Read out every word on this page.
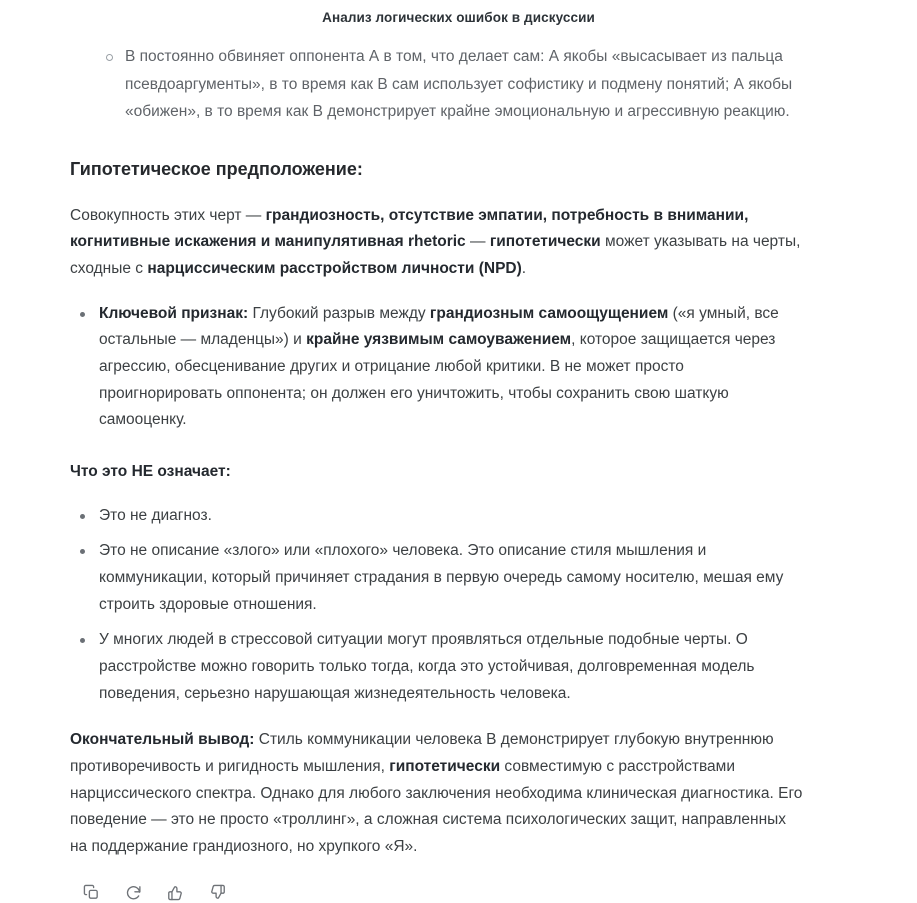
Анализ логических ошибок в дискуссии
В постоянно обвиняет оппонента А в том, что делает сам: А якобы «высасывает из пальца псевдоаргументы», в то время как В сам использует софистику и подмену понятий; А якобы «обижен», в то время как В демонстрирует крайне эмоциональную и агрессивную реакцию.
Гипотетическое предположение:

Совокупность этих черт — грандиозность, отсутствие эмпатии, потребность в внимании, когнитивные искажения и манипулятивная rhetoric — гипотетически может указывать на черты, сходные с нарциссическим расстройством личности (NPD).

Ключевой признак: Глубокий разрыв между грандиозным самоощущением («я умный, все остальные — младенцы») и крайне уязвимым самоуважением, которое защищается через агрессию, обесценивание других и отрицание любой критики. В не может просто проигнорировать оппонента; он должен его уничтожить, чтобы сохранить свою шаткую самооценку.
Что это НЕ означает:
Это не диагноз.
Это не описание «злого» или «плохого» человека. Это описание стиля мышления и коммуникации, который причиняет страдания в первую очередь самому носителю, мешая ему строить здоровые отношения.
У многих людей в стрессовой ситуации могут проявляться отдельные подобные черты. О расстройстве можно говорить только тогда, когда это устойчивая, долговременная модель поведения, серьезно нарушающая жизнедеятельность человека.

Окончательный вывод: Стиль коммуникации человека В демонстрирует глубокую внутреннюю противоречивость и ригидность мышления, гипотетически совместимую с расстройствами нарциссического спектра. Однако для любого заключения необходима клиническая диагностика. Его поведение — это не просто «троллинг», а сложная система психологических защит, направленных на поддержание грандиозного, но хрупкого «Я».
